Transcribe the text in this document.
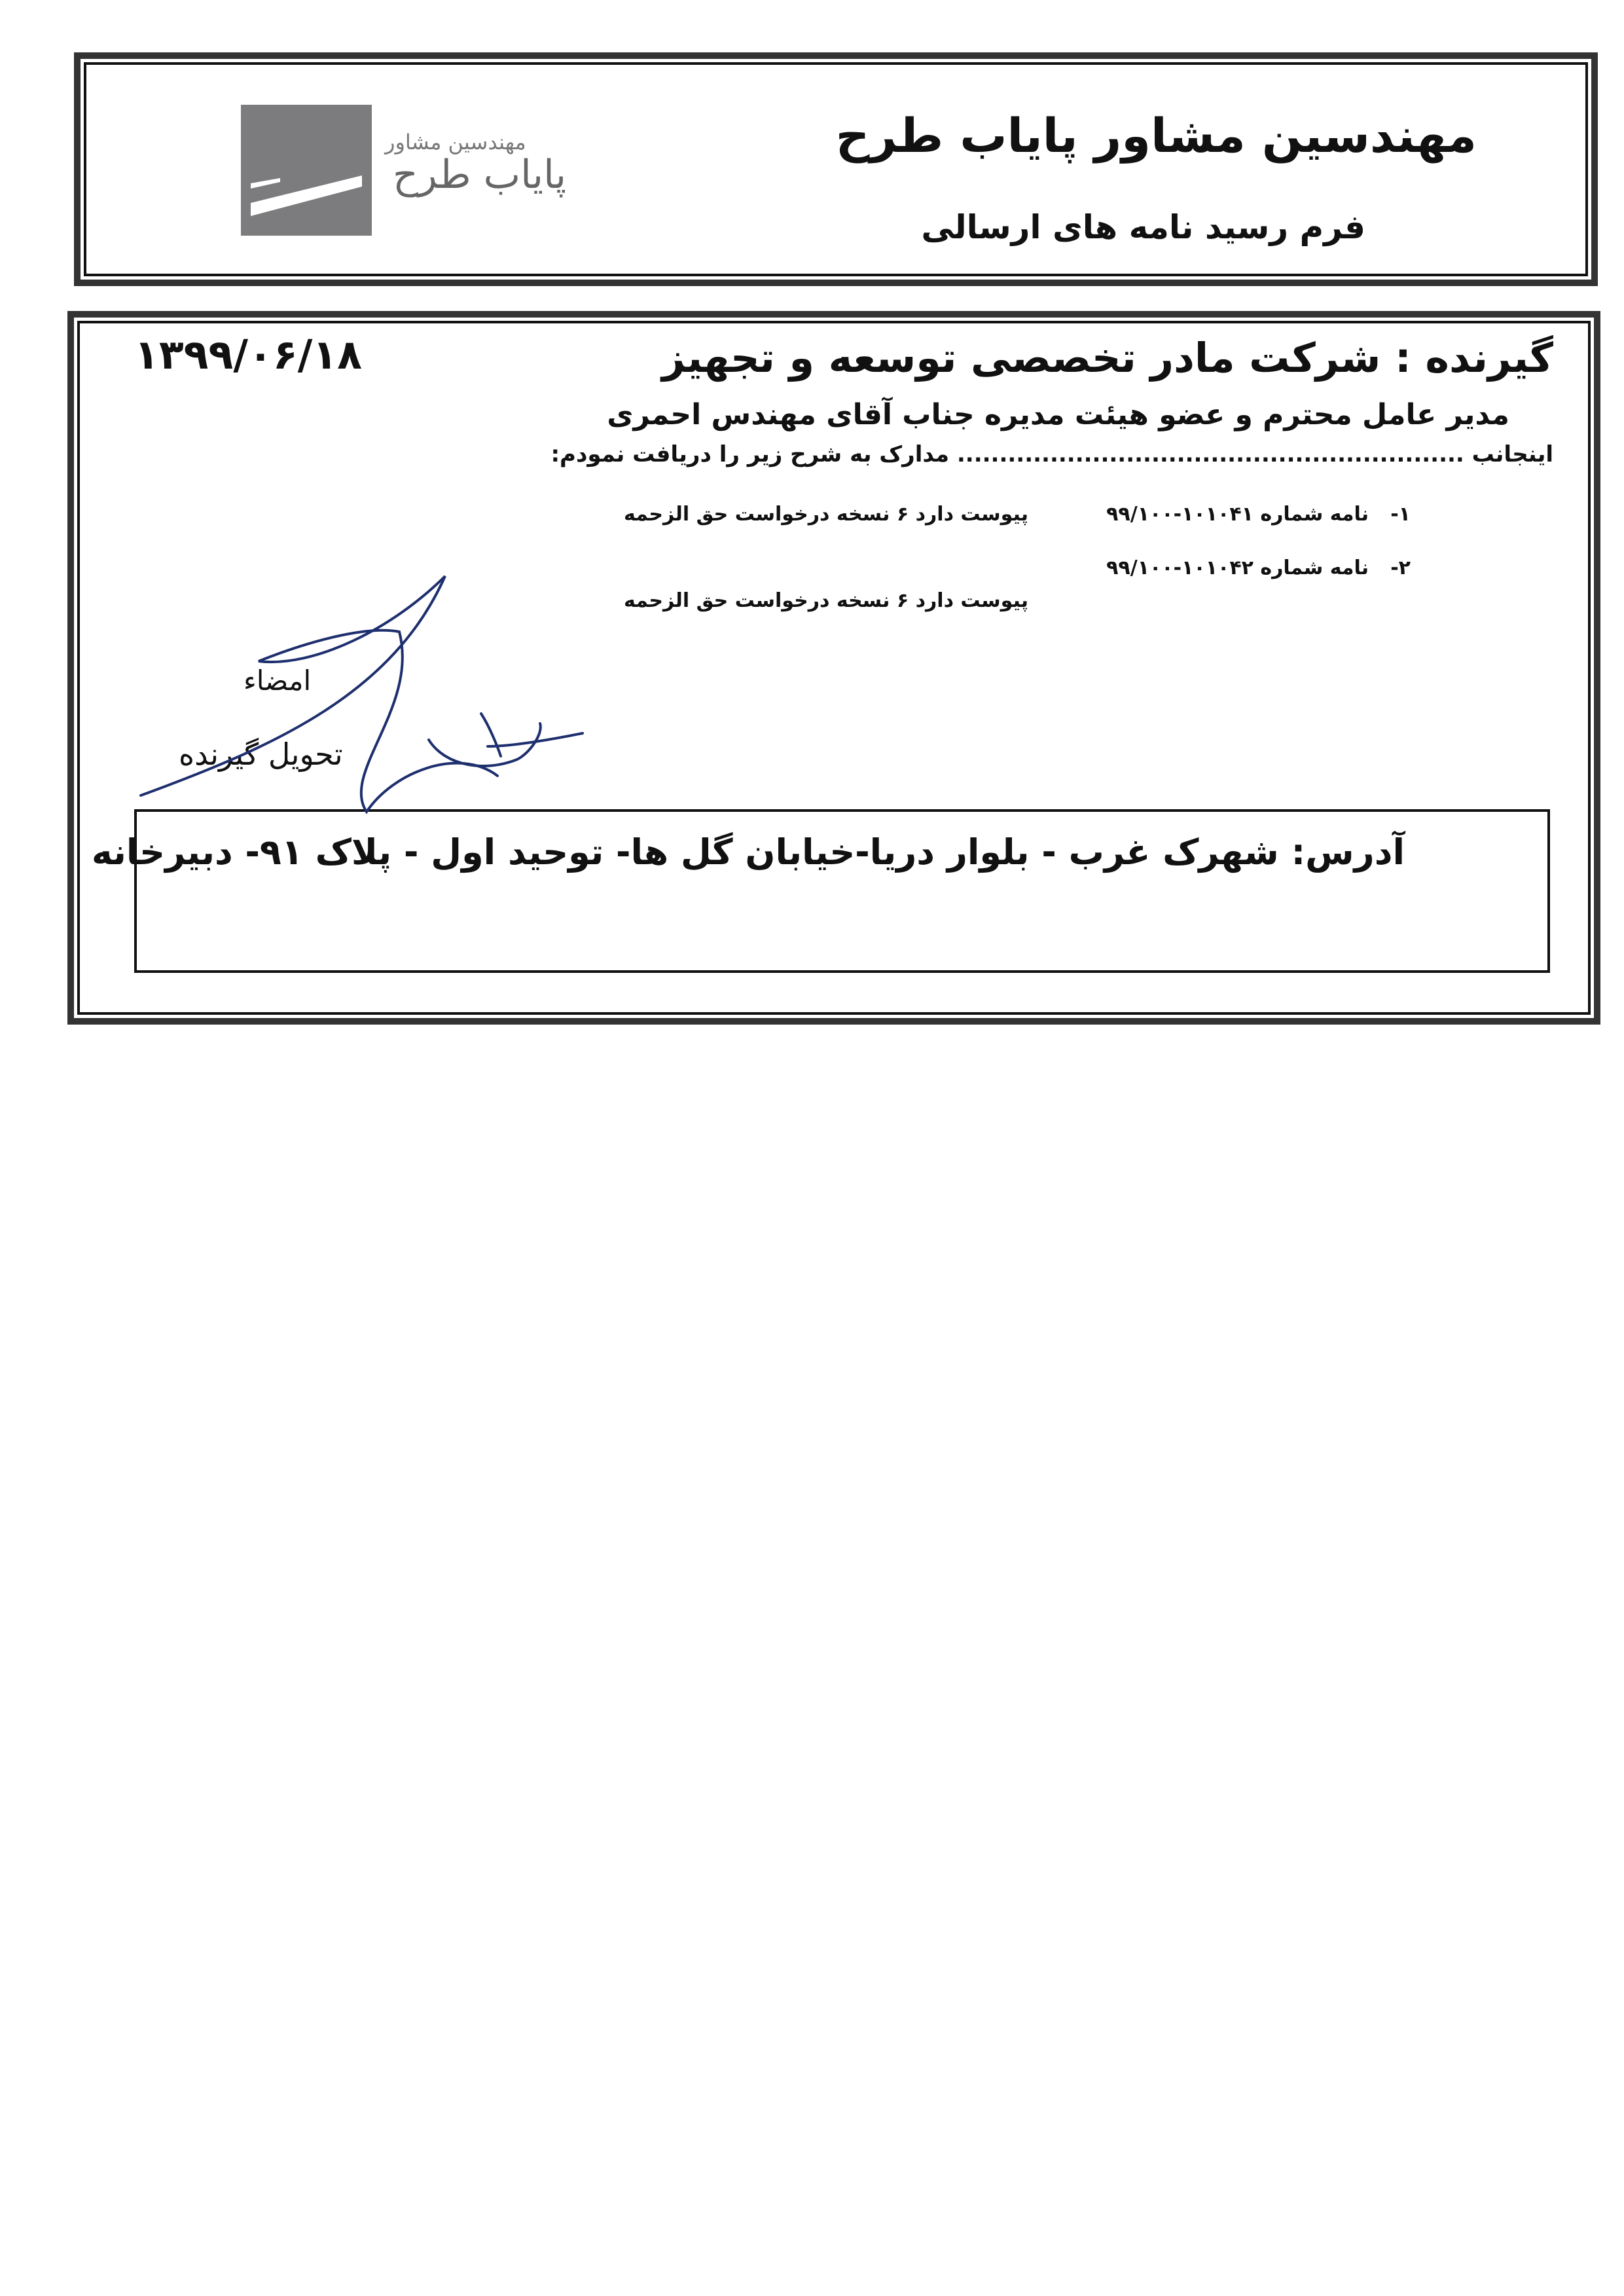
مهندسین مشاور پایاب طرح
فرم رسید نامه های ارسالی
مهندسین مشاور
پایاب طرح
۱۳۹۹/۰۶/۱۸	گیرنده : شرکت مادر تخصصی توسعه و تجهیز
مدیر عامل محترم و عضو هیئت مدیره جناب آقای مهندس احمری
اینجانب ............................................................ مدارک به شرح زیر را دریافت نمودم:
-۱
نامه شماره ۱۰۱۰۴۱-۹۹/۱۰۰
پیوست دارد ۶ نسخه درخواست حق الزحمه
-۲
نامه شماره ۱۰۱۰۴۲-۹۹/۱۰۰
پیوست دارد ۶ نسخه درخواست حق الزحمه
امضاء
تحویل گیرنده
آدرس: شهرک غرب - بلوار دریا-خیابان گل ها- توحید اول - پلاک ۹۱- دبیرخانه
